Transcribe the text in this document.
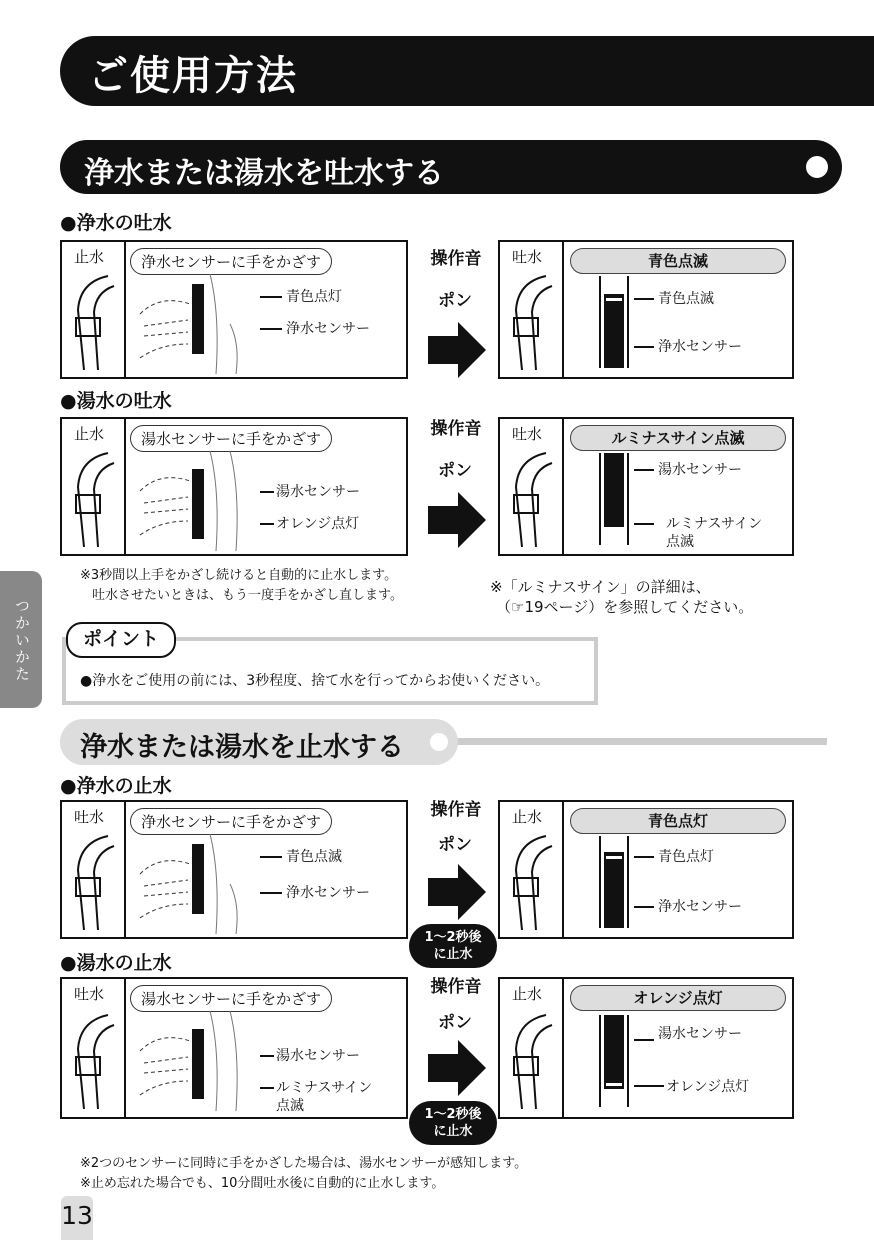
ご使用方法
浄水または湯水を吐水する
つかいかた
●浄水の吐水
止水	浄水センサーに手をかざす
青色点灯
浄水センサー
操作音
ポン
吐水	青色点滅
青色点滅
浄水センサー
●湯水の吐水
止水	湯水センサーに手をかざす
湯水センサー
オレンジ点灯
操作音
ポン
吐水	ルミナスサイン点滅
湯水センサー
ルミナスサイン
点滅
※3秒間以上手をかざし続けると自動的に止水します。
吐水させたいときは、もう一度手をかざし直します。	※「ルミナスサイン」の詳細は、
（☞19ページ）を参照してください。
ポイント
●浄水をご使用の前には、3秒程度、捨て水を行ってからお使いください。
浄水または湯水を止水する
●浄水の止水
吐水	浄水センサーに手をかざす
青色点滅
浄水センサー
操作音
ポン
1～2秒後
に止水
止水	青色点灯
青色点灯
浄水センサー
●湯水の止水
吐水	湯水センサーに手をかざす
湯水センサー
ルミナスサイン
点滅
操作音
ポン
1～2秒後
に止水
止水	オレンジ点灯
湯水センサー
オレンジ点灯
※2つのセンサーに同時に手をかざした場合は、湯水センサーが感知します。
※止め忘れた場合でも、10分間吐水後に自動的に止水します。
13
